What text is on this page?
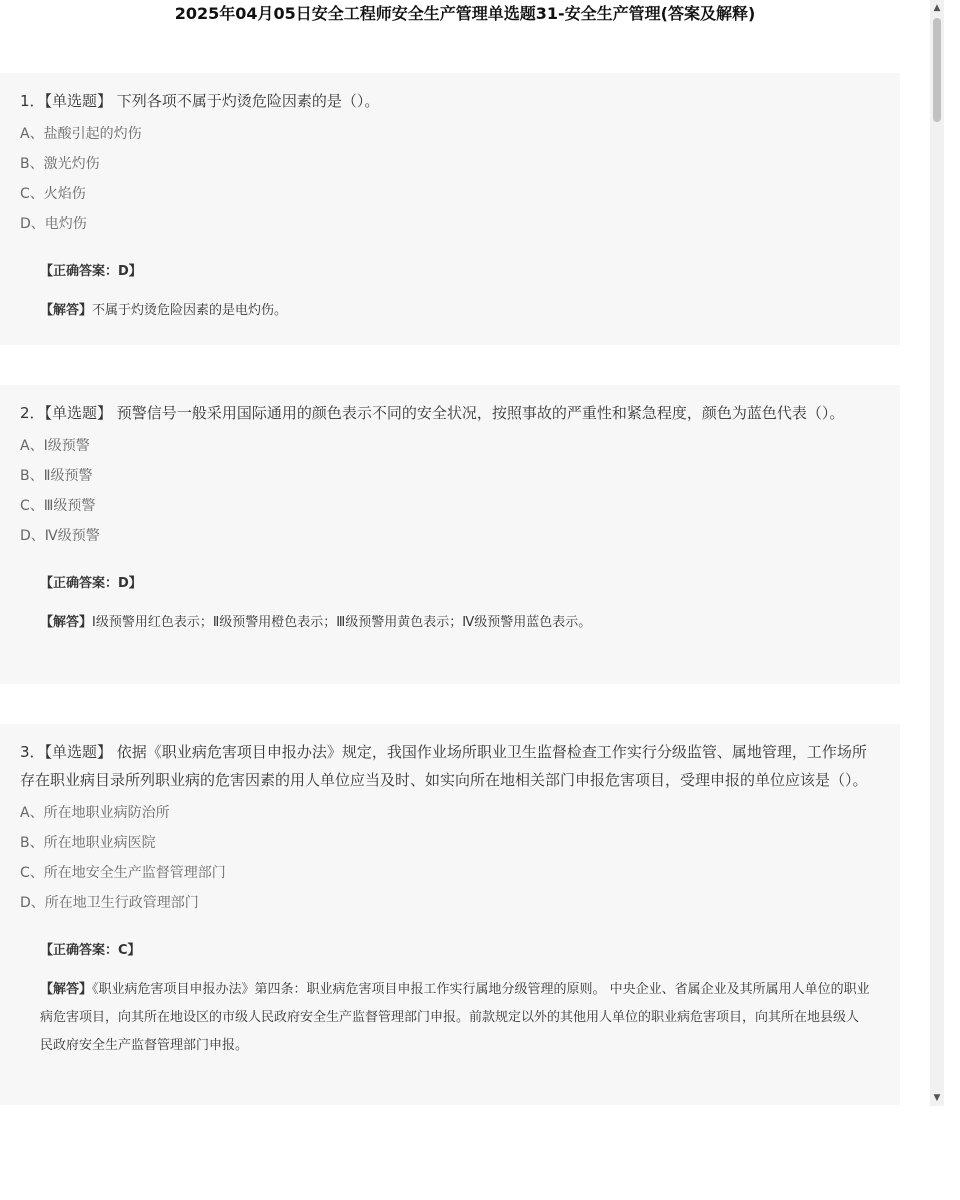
2025年04月05日安全工程师安全生产管理单选题31-安全生产管理(答案及解释)
1．【单选题】 下列各项不属于灼烫危险因素的是（）。
A、盐酸引起的灼伤
B、激光灼伤
C、火焰伤
D、电灼伤
【正确答案：D】
【解答】不属于灼烫危险因素的是电灼伤。
2．【单选题】 预警信号一般采用国际通用的颜色表示不同的安全状况，按照事故的严重性和紧急程度，颜色为蓝色代表（）。
A、Ⅰ级预警
B、Ⅱ级预警
C、Ⅲ级预警
D、Ⅳ级预警
【正确答案：D】
【解答】Ⅰ级预警用红色表示；Ⅱ级预警用橙色表示；Ⅲ级预警用黄色表示；Ⅳ级预警用蓝色表示。
3．【单选题】 依据《职业病危害项目申报办法》规定，我国作业场所职业卫生监督检查工作实行分级监管、属地管理，工作场所存在职业病目录所列职业病的危害因素的用人单位应当及时、如实向所在地相关部门申报危害项目，受理申报的单位应该是（）。
A、所在地职业病防治所
B、所在地职业病医院
C、所在地安全生产监督管理部门
D、所在地卫生行政管理部门
【正确答案：C】
【解答】《职业病危害项目申报办法》第四条：职业病危害项目申报工作实行属地分级管理的原则。 中央企业、省属企业及其所属用人单位的职业病危害项目，向其所在地设区的市级人民政府安全生产监督管理部门申报。前款规定以外的其他用人单位的职业病危害项目，向其所在地县级人民政府安全生产监督管理部门申报。
▲
▼
